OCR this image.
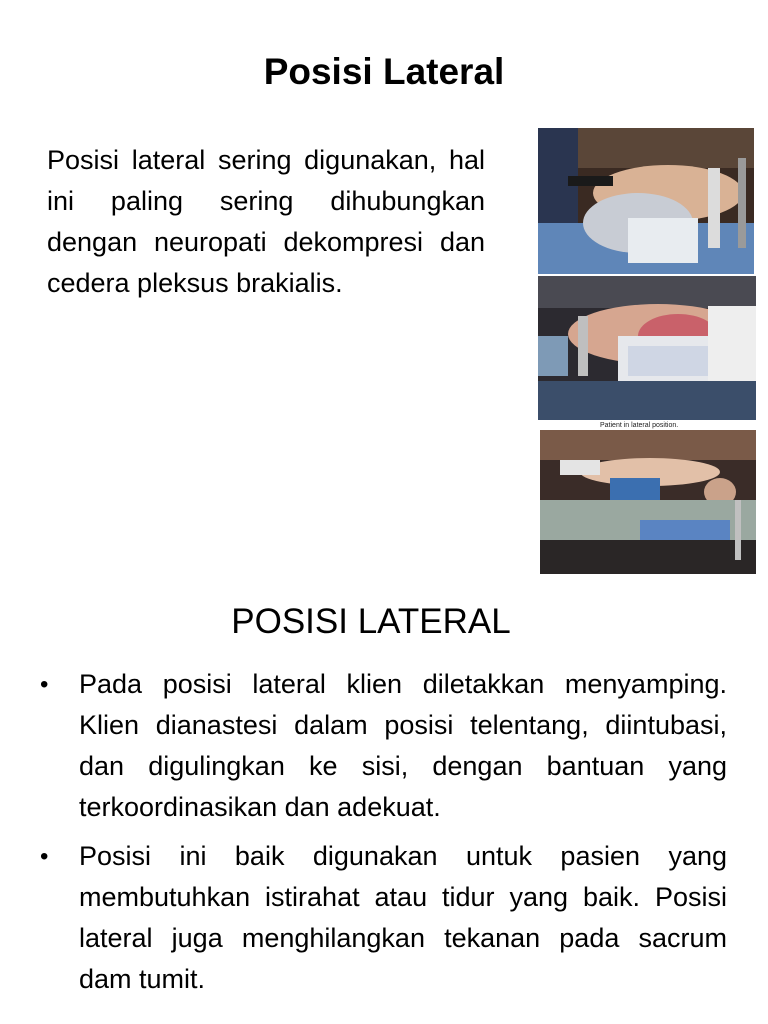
Posisi Lateral
Posisi lateral sering digunakan, hal ini paling sering dihubungkan dengan neuropati dekompresi dan cedera pleksus brakialis.
Patient in lateral position.
POSISI LATERAL
• Pada posisi lateral klien diletakkan menyamping. Klien dianastesi dalam posisi telentang, diintubasi, dan digulingkan ke sisi, dengan bantuan yang terkoordinasikan dan adekuat.
• Posisi ini baik digunakan untuk pasien yang membutuhkan istirahat atau tidur yang baik. Posisi lateral juga menghilangkan tekanan pada sacrum dam tumit.
